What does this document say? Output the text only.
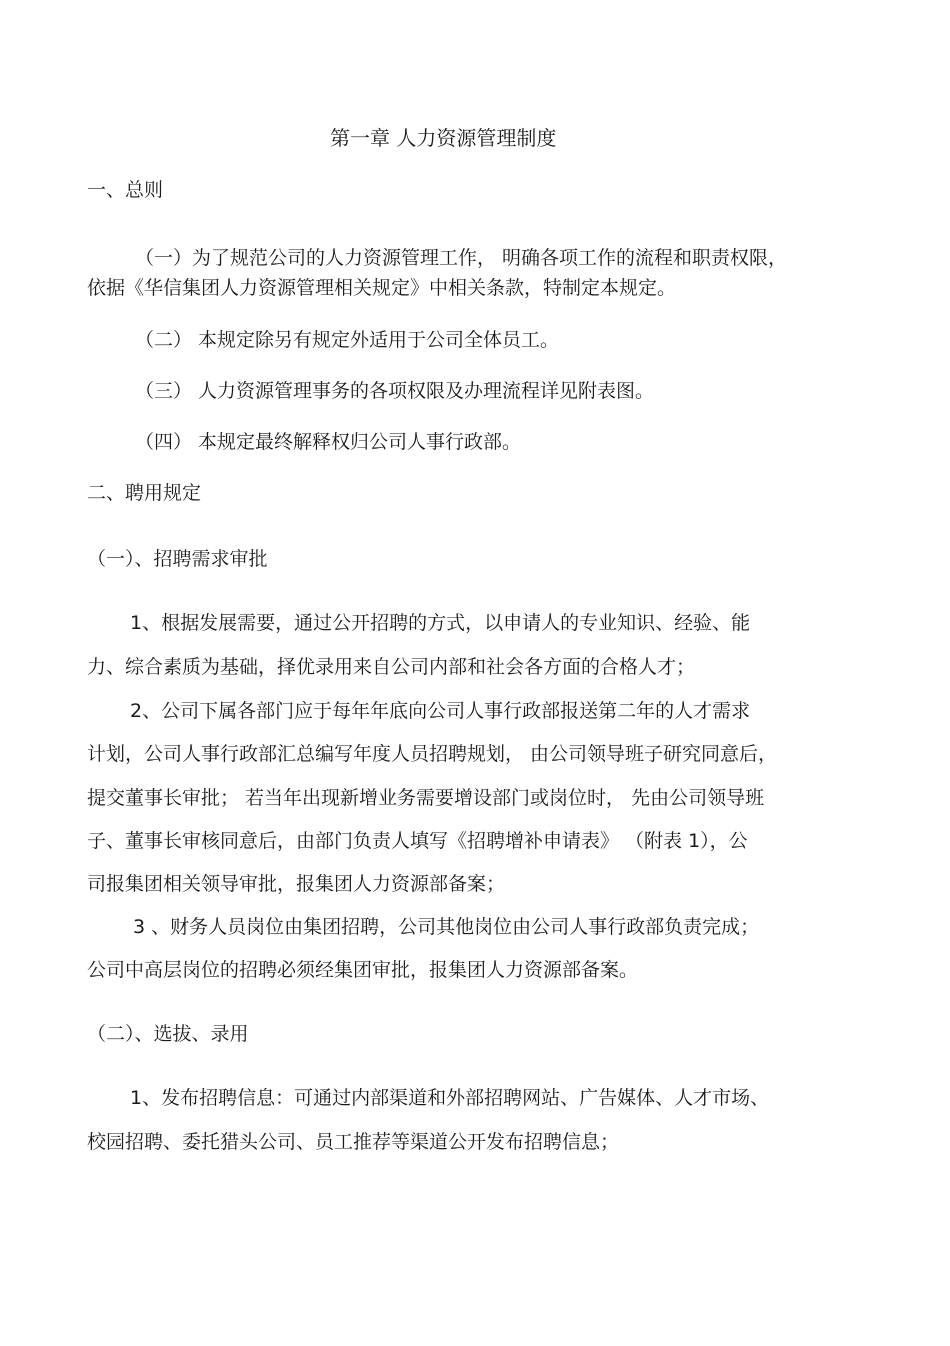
第一章 人力资源管理制度
一、总则
（一）为了规范公司的人力资源管理工作， 明确各项工作的流程和职责权限，
依据《华信集团人力资源管理相关规定》中相关条款，特制定本规定。
（二） 本规定除另有规定外适用于公司全体员工。
（三） 人力资源管理事务的各项权限及办理流程详见附表图。
（四） 本规定最终解释权归公司人事行政部。
二、聘用规定
（一）、招聘需求审批
1、根据发展需要，通过公开招聘的方式，以申请人的专业知识、经验、能
力、综合素质为基础，择优录用来自公司内部和社会各方面的合格人才；
2、公司下属各部门应于每年年底向公司人事行政部报送第二年的人才需求
计划，公司人事行政部汇总编写年度人员招聘规划， 由公司领导班子研究同意后，
提交董事长审批； 若当年出现新增业务需要增设部门或岗位时， 先由公司领导班
子、董事长审核同意后，由部门负责人填写《招聘增补申请表》 （附表 1），公
司报集团相关领导审批，报集团人力资源部备案；
3 、财务人员岗位由集团招聘，公司其他岗位由公司人事行政部负责完成；
公司中高层岗位的招聘必须经集团审批，报集团人力资源部备案。
（二）、选拔、录用
1、发布招聘信息：可通过内部渠道和外部招聘网站、广告媒体、人才市场、
校园招聘、委托猎头公司、员工推荐等渠道公开发布招聘信息；
